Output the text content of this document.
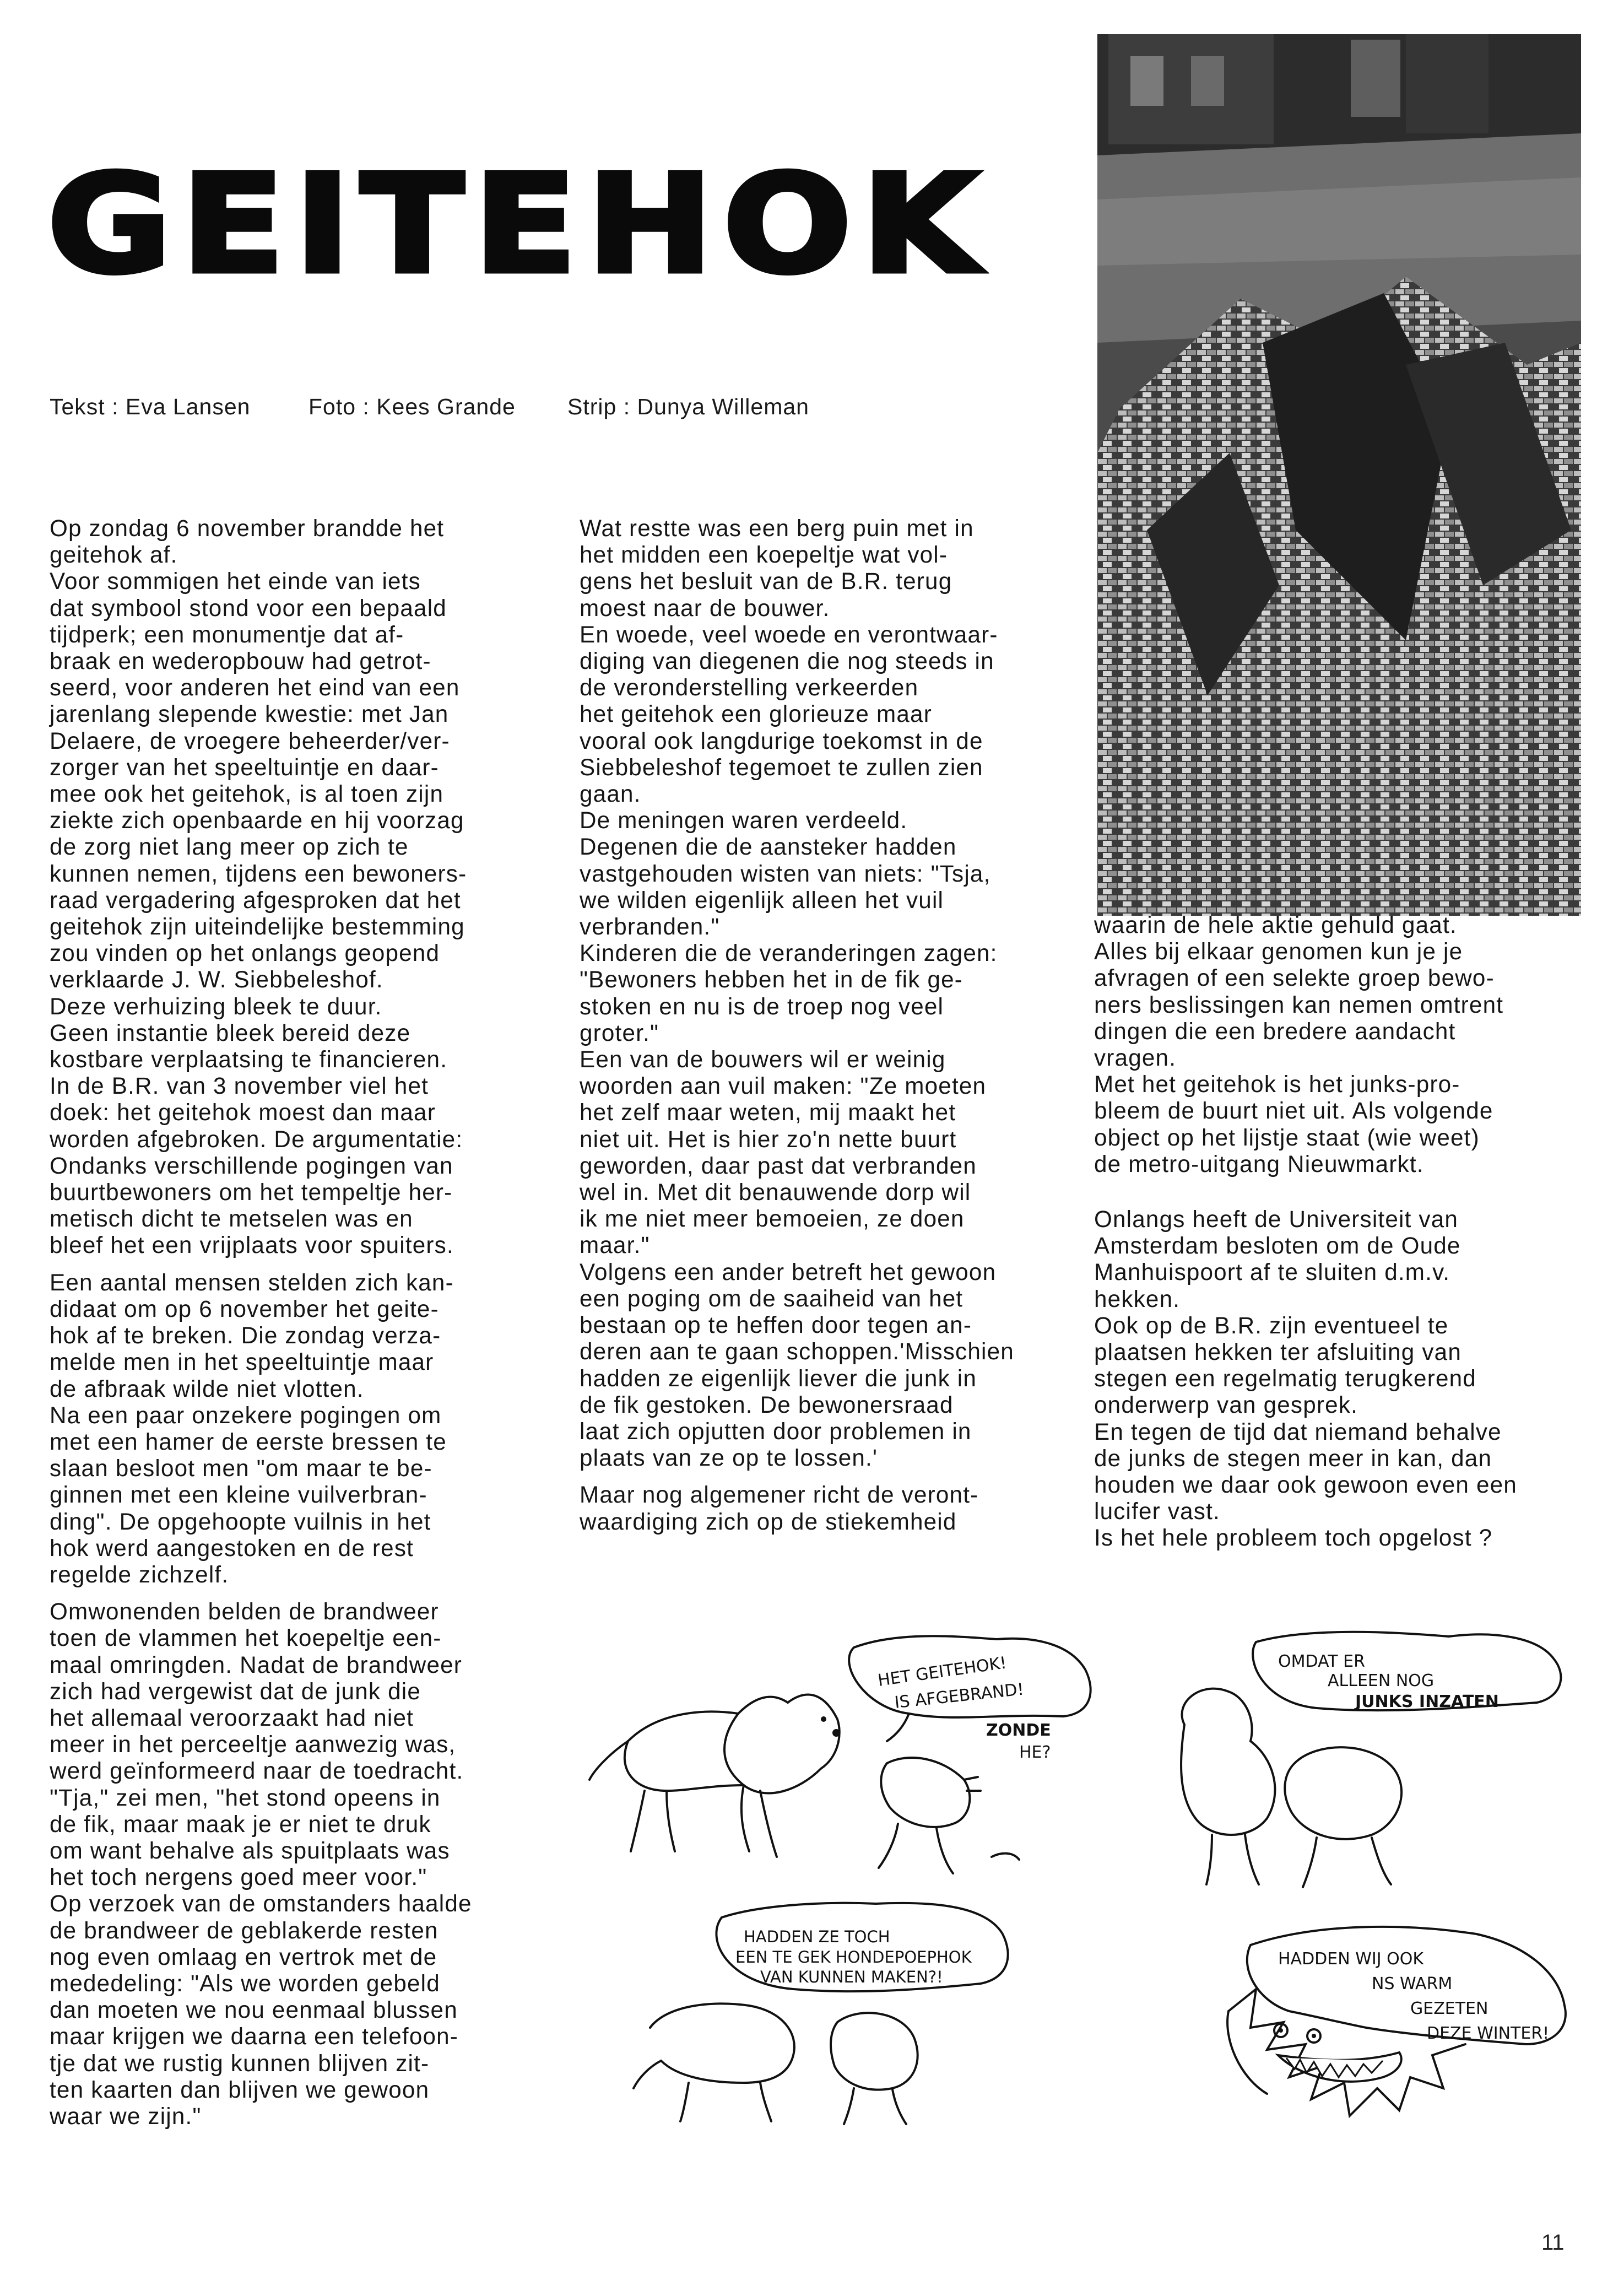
GEITEHOK
Tekst : Eva Lansen	Foto : Kees Grande Strip : Dunya Willeman

Op zondag 6 november brandde het
geitehok af.
Voor sommigen het einde van iets
dat symbool stond voor een bepaald
tijdperk; een monumentje dat af-
braak en wederopbouw had getrot-
seerd, voor anderen het eind van een
jarenlang slepende kwestie: met Jan
Delaere, de vroegere beheerder/ver-
zorger van het speeltuintje en daar-
mee ook het geitehok, is al toen zijn
ziekte zich openbaarde en hij voorzag
de zorg niet lang meer op zich te
kunnen nemen, tijdens een bewoners-
raad vergadering afgesproken dat het
geitehok zijn uiteindelijke bestemming
zou vinden op het onlangs geopend
verklaarde J. W. Siebbeleshof.
Deze verhuizing bleek te duur.
Geen instantie bleek bereid deze
kostbare verplaatsing te financieren.
In de B.R. van 3 november viel het
doek: het geitehok moest dan maar
worden afgebroken. De argumentatie:
Ondanks verschillende pogingen van
buurtbewoners om het tempeltje her-
metisch dicht te metselen was en
bleef het een vrijplaats voor spuiters.

Een aantal mensen stelden zich kan-
didaat om op 6 november het geite-
hok af te breken. Die zondag verza-
melde men in het speeltuintje maar
de afbraak wilde niet vlotten.
Na een paar onzekere pogingen om
met een hamer de eerste bressen te
slaan besloot men "om maar te be-
ginnen met een kleine vuilverbran-
ding". De opgehoopte vuilnis in het
hok werd aangestoken en de rest
regelde zichzelf.

Omwonenden belden de brandweer
toen de vlammen het koepeltje een-
maal omringden. Nadat de brandweer
zich had vergewist dat de junk die
het allemaal veroorzaakt had niet
meer in het perceeltje aanwezig was,
werd geïnformeerd naar de toedracht.
"Tja," zei men, "het stond opeens in
de fik, maar maak je er niet te druk
om want behalve als spuitplaats was
het toch nergens goed meer voor."
Op verzoek van de omstanders haalde
de brandweer de geblakerde resten
nog even omlaag en vertrok met de
mededeling: "Als we worden gebeld
dan moeten we nou eenmaal blussen
maar krijgen we daarna een telefoon-
tje dat we rustig kunnen blijven zit-
ten kaarten dan blijven we gewoon
waar we zijn."

Wat restte was een berg puin met in
het midden een koepeltje wat vol-
gens het besluit van de B.R. terug
moest naar de bouwer.
En woede, veel woede en verontwaar-
diging van diegenen die nog steeds in
de veronderstelling verkeerden
het geitehok een glorieuze maar
vooral ook langdurige toekomst in de
Siebbeleshof tegemoet te zullen zien
gaan.
De meningen waren verdeeld.
Degenen die de aansteker hadden
vastgehouden wisten van niets: "Tsja,
we wilden eigenlijk alleen het vuil
verbranden."
Kinderen die de veranderingen zagen:
"Bewoners hebben het in de fik ge-
stoken en nu is de troep nog veel
groter."
Een van de bouwers wil er weinig
woorden aan vuil maken: "Ze moeten
het zelf maar weten, mij maakt het
niet uit. Het is hier zo'n nette buurt
geworden, daar past dat verbranden
wel in. Met dit benauwende dorp wil
ik me niet meer bemoeien, ze doen
maar."
Volgens een ander betreft het gewoon
een poging om de saaiheid van het
bestaan op te heffen door tegen an-
deren aan te gaan schoppen.'Misschien
hadden ze eigenlijk liever die junk in
de fik gestoken. De bewonersraad
laat zich opjutten door problemen in
plaats van ze op te lossen.'

Maar nog algemener richt de veront-
waardiging zich op de stiekemheid

waarin de hele aktie gehuld gaat.
Alles bij elkaar genomen kun je je
afvragen of een selekte groep bewo-
ners beslissingen kan nemen omtrent
dingen die een bredere aandacht
vragen.
Met het geitehok is het junks-pro-
bleem de buurt niet uit. Als volgende
object op het lijstje staat (wie weet)
de metro-uitgang Nieuwmarkt.

Onlangs heeft de Universiteit van
Amsterdam besloten om de Oude
Manhuispoort af te sluiten d.m.v.
hekken.
Ook op de B.R. zijn eventueel te
plaatsen hekken ter afsluiting van
stegen een regelmatig terugkerend
onderwerp van gesprek.
En tegen de tijd dat niemand behalve
de junks de stegen meer in kan, dan
houden we daar ook gewoon even een
lucifer vast.
Is het hele probleem toch opgelost ?

HET GEITEHOK!
IS AFGEBRAND!
ZONDE
HE?
OMDAT ER
ALLEEN NOG
JUNKS INZATEN
HADDEN ZE TOCH
EEN TE GEK HONDEPOEPHOK
VAN KUNNEN MAKEN?!
HADDEN WIJ OOK
NS WARM
GEZETEN
DEZE WINTER!
11
